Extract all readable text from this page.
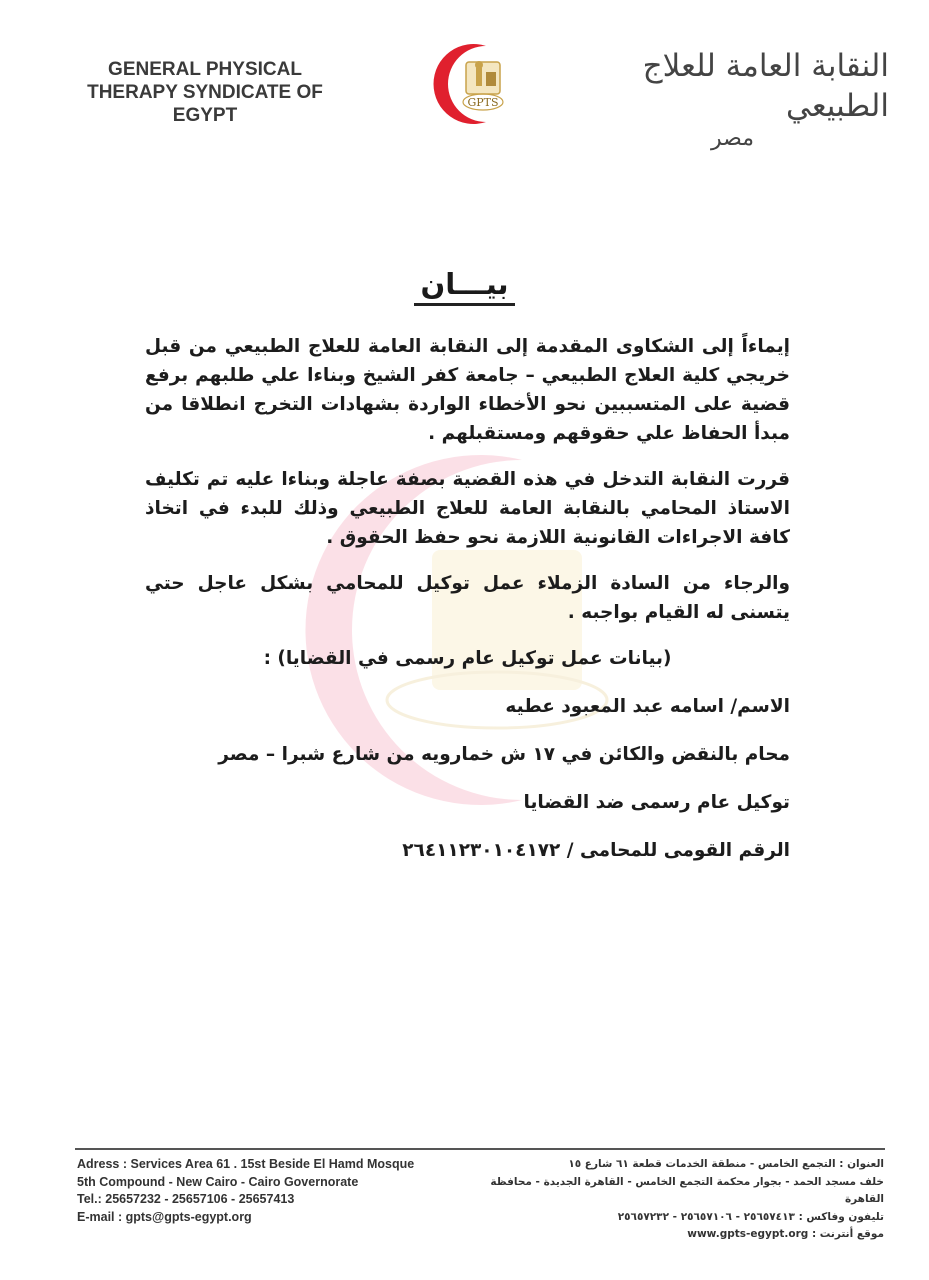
GENERAL PHYSICAL
THERAPY SYNDICATE OF
EGYPT
GPTS
النقابة العامة للعلاج الطبيعي
مصر
بيـــان

إيماءاً إلى الشكاوى المقدمة إلى النقابة العامة للعلاج الطبيعي من قبل خريجي كلية العلاج الطبيعي – جامعة كفر الشيخ وبناءا علي طلبهم برفع قضية على المتسببين نحو الأخطاء الواردة بشهادات التخرج انطلاقا من مبدأ الحفاظ علي حقوقهم ومستقبلهم .

قررت النقابة التدخل في هذه القضية بصفة عاجلة وبناءا عليه تم تكليف الاستاذ المحامي بالنقابة العامة للعلاج الطبيعي وذلك للبدء في اتخاذ كافة الاجراءات القانونية اللازمة نحو حفظ الحقوق .

والرجاء من السادة الزملاء عمل توكيل للمحامي بشكل عاجل حتي يتسنى له القيام بواجبه .

(بيانات عمل توكيل عام رسمى في القضايا) :

الاسم/ اسامه عبد المعبود عطيه

محام بالنقض والكائن في ١٧ ش خمارويه من شارع شبرا – مصر

توكيل عام رسمى ضد القضايا

الرقم القومى للمحامى / ٢٦٤١١٢٣٠١٠٤١٧٢

Adress : Services Area 61 . 15st Beside El Hamd Mosque
5th Compound - New Cairo - Cairo Governorate
Tel.: 25657232 - 25657106 - 25657413
E-mail : gpts@gpts-egypt.org
العنوان : التجمع الخامس - منطقة الخدمات قطعة ٦١ شارع ١٥
خلف مسجد الحمد - بجوار محكمة التجمع الخامس - القاهرة الجديدة - محافظة القاهرة
تليفون وفاكس : ٢٥٦٥٧٤١٣ - ٢٥٦٥٧١٠٦ - ٢٥٦٥٧٢٣٢
موقع أنترنت : www.gpts-egypt.org
